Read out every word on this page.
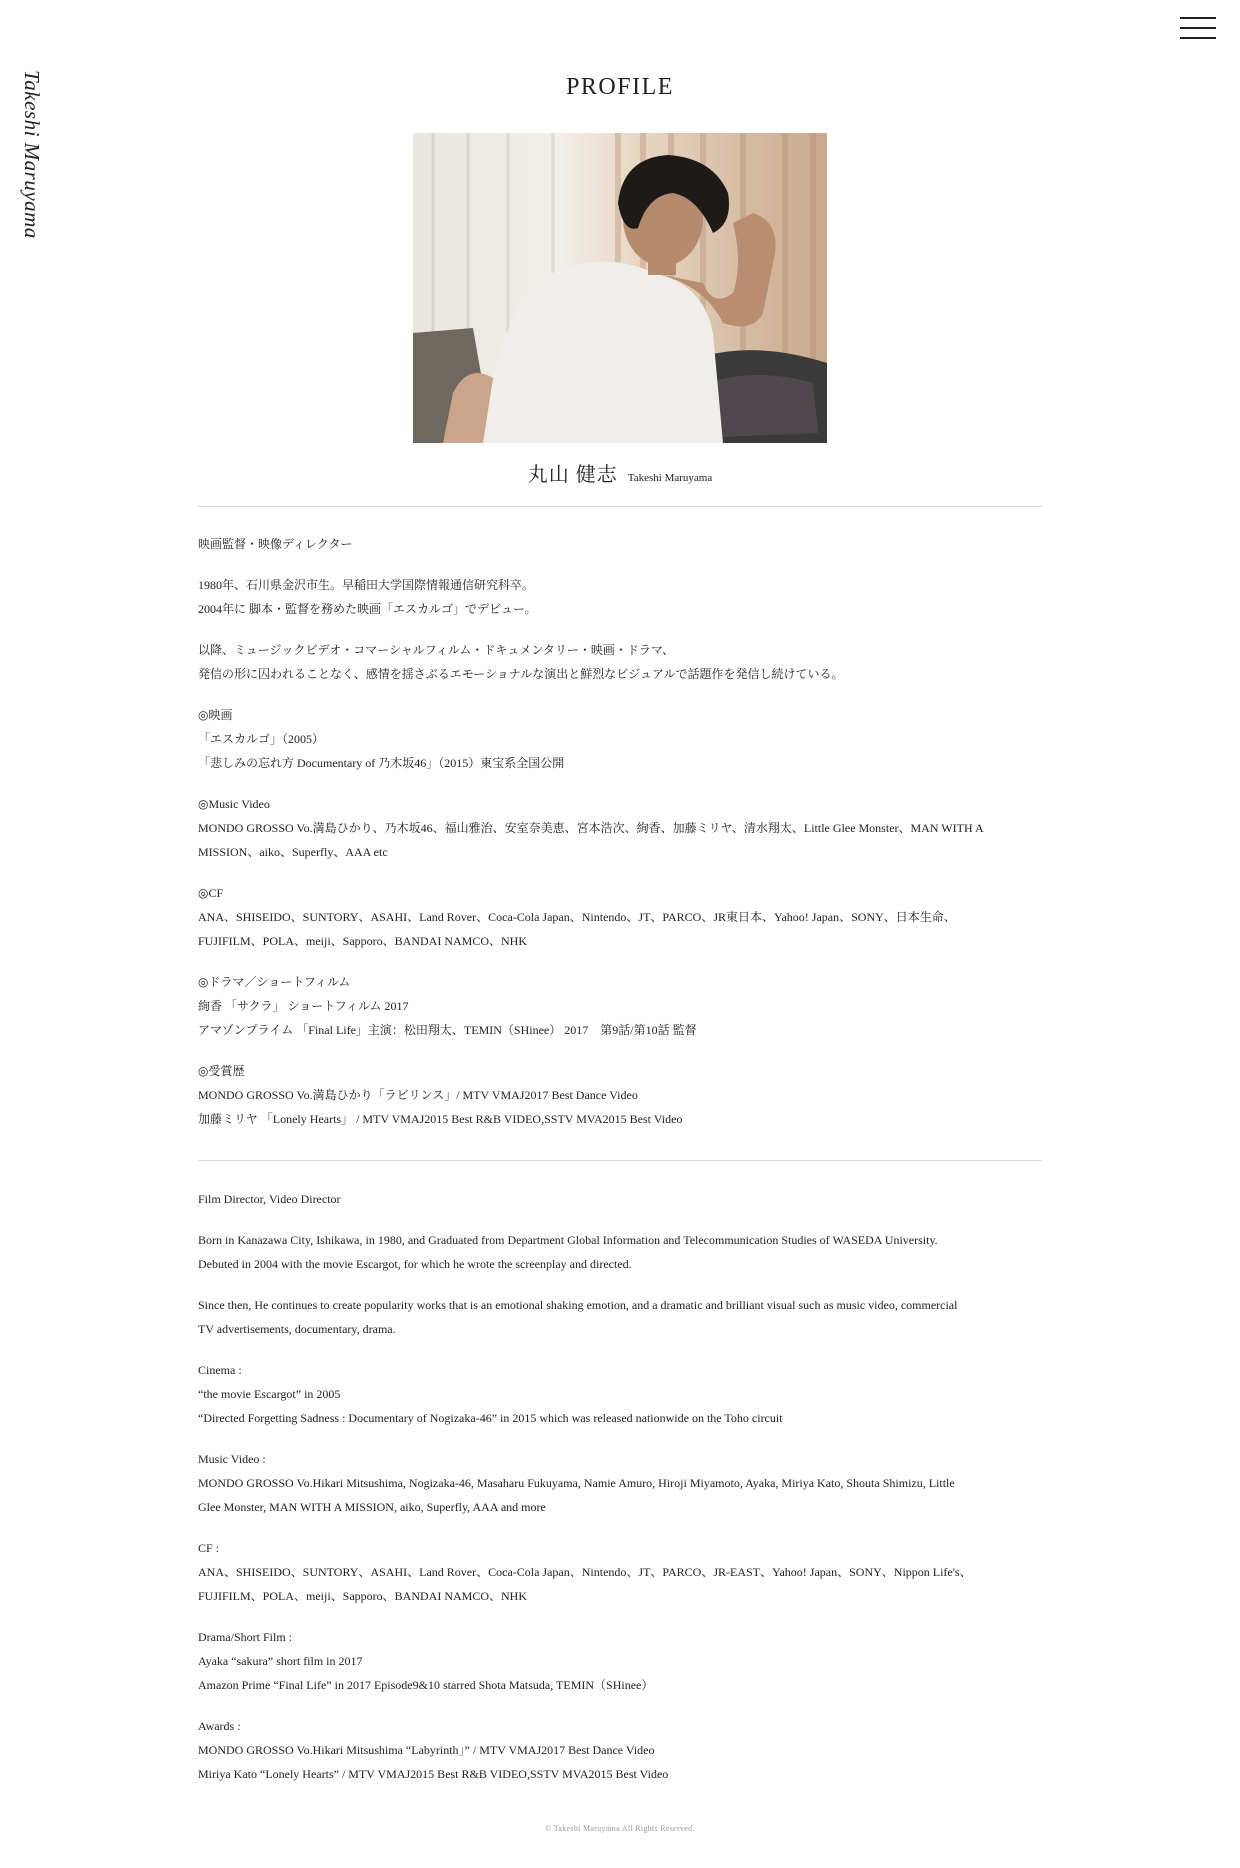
Takeshi Maruyama	PROFILE
丸山 健志 Takeshi Maruyama

映画監督・映像ディレクター

1980年、石川県金沢市生。早稲田大学国際情報通信研究科卒。
2004年に 脚本・監督を務めた映画「エスカルゴ」でデビュー。

以降、ミュージックビデオ・コマーシャルフィルム・ドキュメンタリー・映画・ドラマ、
発信の形に囚われることなく、感情を揺さぶるエモーショナルな演出と鮮烈なビジュアルで話題作を発信し続けている。

◎映画
「エスカルゴ」（2005）
「悲しみの忘れ方 Documentary of 乃木坂46」（2015）東宝系全国公開

◎Music Video
MONDO GROSSO Vo.満島ひかり、乃木坂46、福山雅治、安室奈美恵、宮本浩次、絢香、加藤ミリヤ、清水翔太、Little Glee Monster、MAN WITH A
MISSION、aiko、Superfly、AAA etc

◎CF
ANA、SHISEIDO、SUNTORY、ASAHI、Land Rover、Coca-Cola Japan、Nintendo、JT、PARCO、JR東日本、Yahoo! Japan、SONY、日本生命、
FUJIFILM、POLA、meiji、Sapporo、BANDAI NAMCO、NHK

◎ドラマ／ショートフィルム
絢香 「サクラ」 ショートフィルム 2017
アマゾンプライム 「Final Life」主演：松田翔太、TEMIN（SHinee） 2017　第9話/第10話 監督

◎受賞歴
MONDO GROSSO Vo.満島ひかり「ラビリンス」/ MTV VMAJ2017 Best Dance Video
加藤ミリヤ 「Lonely Hearts」 / MTV VMAJ2015 Best R&B VIDEO,SSTV MVA2015 Best Video

Film Director, Video Director

Born in Kanazawa City, Ishikawa, in 1980, and Graduated from Department Global Information and Telecommunication Studies of WASEDA University.
Debuted in 2004 with the movie Escargot, for which he wrote the screenplay and directed.

Since then, He continues to create popularity works that is an emotional shaking emotion, and a dramatic and brilliant visual such as music video, commercial
TV advertisements, documentary, drama.

Cinema :
“the movie Escargot” in 2005
“Directed Forgetting Sadness : Documentary of Nogizaka-46” in 2015 which was released nationwide on the Toho circuit

Music Video :
MONDO GROSSO Vo.Hikari Mitsushima, Nogizaka-46, Masaharu Fukuyama, Namie Amuro, Hiroji Miyamoto, Ayaka, Miriya Kato, Shouta Shimizu, Little
Glee Monster, MAN WITH A MISSION, aiko, Superfly, AAA and more

CF :
ANA、SHISEIDO、SUNTORY、ASAHI、Land Rover、Coca-Cola Japan、Nintendo、JT、PARCO、JR-EAST、Yahoo! Japan、SONY、Nippon Life's、
FUJIFILM、POLA、meiji、Sapporo、BANDAI NAMCO、NHK

Drama/Short Film :
Ayaka “sakura” short film in 2017
Amazon Prime “Final Life” in 2017 Episode9&10 starred Shota Matsuda, TEMIN（SHinee）

Awards :
MONDO GROSSO Vo.Hikari Mitsushima “Labyrinth」” / MTV VMAJ2017 Best Dance Video
Miriya Kato “Lonely Hearts” / MTV VMAJ2015 Best R&B VIDEO,SSTV MVA2015 Best Video

© Takeshi Maruyama All Rights Reserved.
